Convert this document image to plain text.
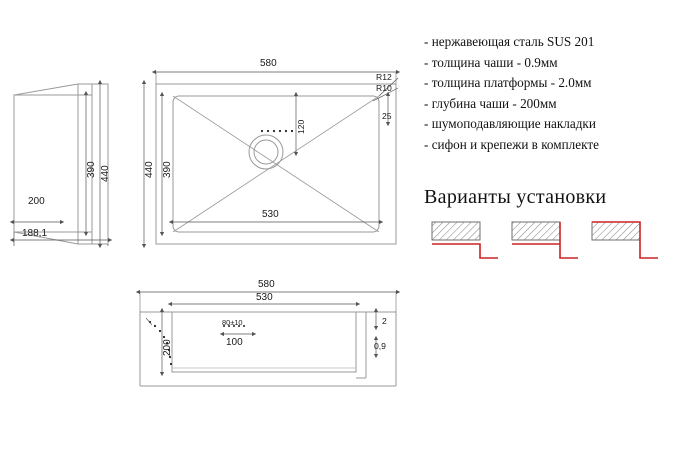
- нержавеющая сталь SUS 201
- толщина чаши - 0.9мм
- толщина платформы - 2.0мм
- глубина чаши - 200мм
- шумоподавляющие накладки
- сифон и крепежи в комплекте
Варианты установки
390 440
200
188,1
580
440 390
530
120
25
R12
R10
580
530
200
80±10
100
2
0,9
